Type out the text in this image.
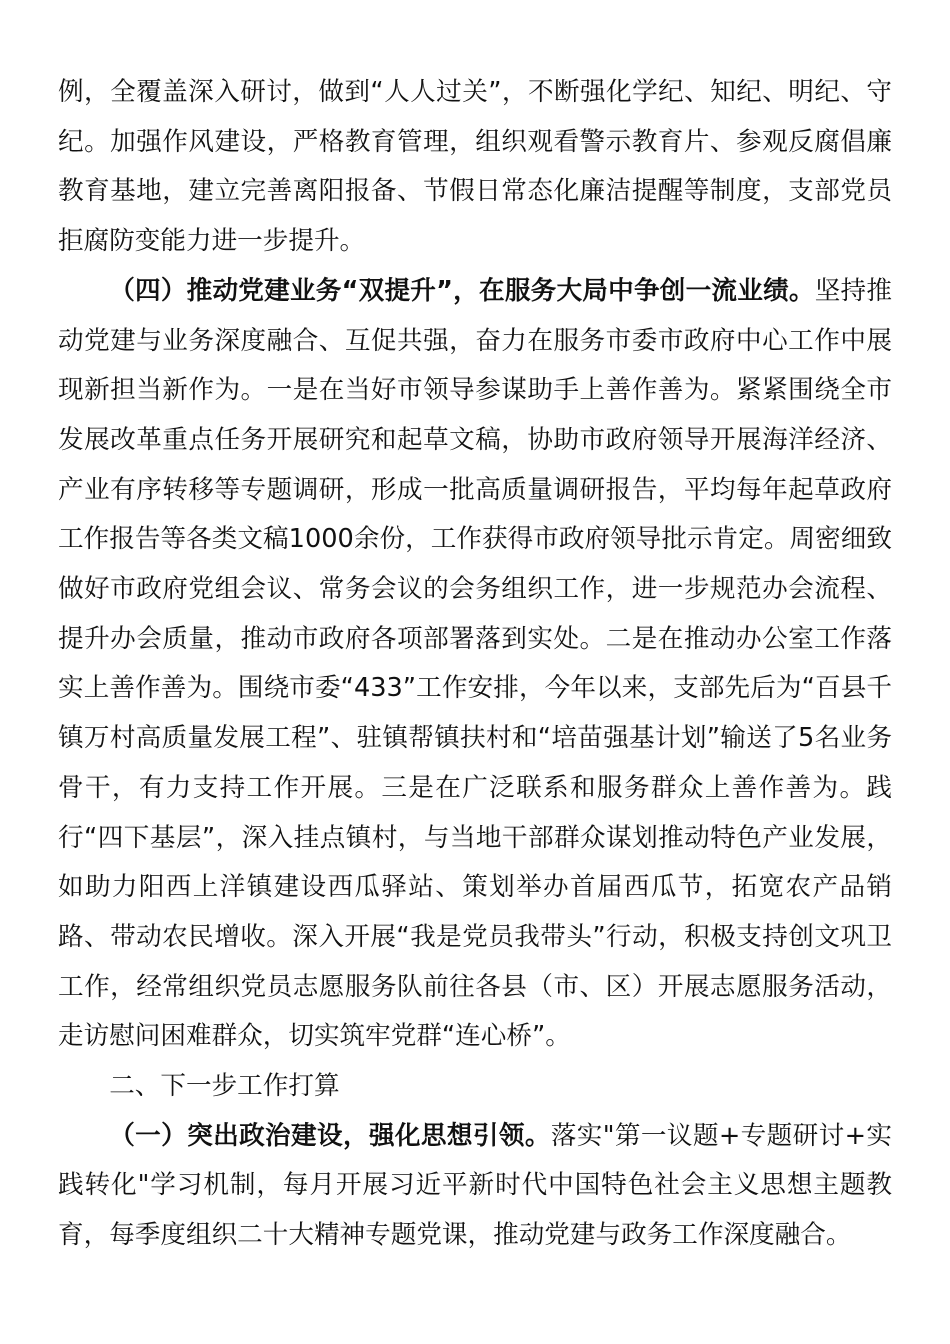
例，全覆盖深入研讨，做到“人人过关”，不断强化学纪、知纪、明纪、守纪。加强作风建设，严格教育管理，组织观看警示教育片、参观反腐倡廉教育基地，建立完善离阳报备、节假日常态化廉洁提醒等制度，支部党员拒腐防变能力进一步提升。

（四）推动党建业务“双提升”，在服务大局中争创一流业绩。坚持推动党建与业务深度融合、互促共强，奋力在服务市委市政府中心工作中展现新担当新作为。一是在当好市领导参谋助手上善作善为。紧紧围绕全市发展改革重点任务开展研究和起草文稿，协助市政府领导开展海洋经济、产业有序转移等专题调研，形成一批高质量调研报告，平均每年起草政府工作报告等各类文稿1000余份，工作获得市政府领导批示肯定。周密细致做好市政府党组会议、常务会议的会务组织工作，进一步规范办会流程、提升办会质量，推动市政府各项部署落到实处。二是在推动办公室工作落实上善作善为。围绕市委“433”工作安排，今年以来，支部先后为“百县千镇万村高质量发展工程”、驻镇帮镇扶村和“培苗强基计划”输送了5名业务骨干，有力支持工作开展。三是在广泛联系和服务群众上善作善为。践行“四下基层”，深入挂点镇村，与当地干部群众谋划推动特色产业发展，如助力阳西上洋镇建设西瓜驿站、策划举办首届西瓜节，拓宽农产品销路、带动农民增收。深入开展“我是党员我带头”行动，积极支持创文巩卫工作，经常组织党员志愿服务队前往各县（市、区）开展志愿服务活动，走访慰问困难群众，切实筑牢党群“连心桥”。

二、下一步工作打算

（一）突出政治建设，强化思想引领。落实"第一议题+专题研讨+实践转化"学习机制，每月开展习近平新时代中国特色社会主义思想主题教育，每季度组织二十大精神专题党课，推动党建与政务工作深度融合。
